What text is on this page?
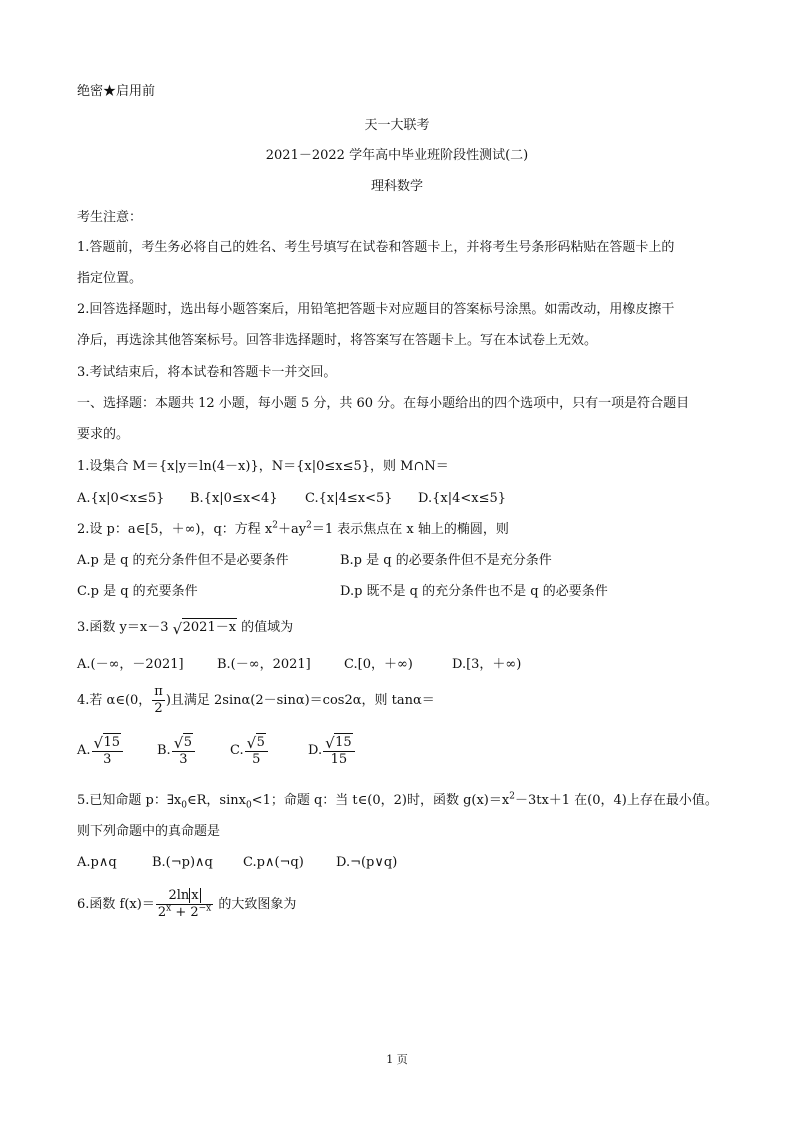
绝密★启用前
天一大联考
2021－2022 学年高中毕业班阶段性测试(二)
理科数学
考生注意：
1.答题前，考生务必将自己的姓名、考生号填写在试卷和答题卡上，并将考生号条形码粘贴在答题卡上的
指定位置。
2.回答选择题时，选出每小题答案后，用铅笔把答题卡对应题目的答案标号涂黑。如需改动，用橡皮擦干
净后，再选涂其他答案标号。回答非选择题时，将答案写在答题卡上。写在本试卷上无效。
3.考试结束后，将本试卷和答题卡一并交回。
一、选择题：本题共 12 小题，每小题 5 分，共 60 分。在每小题给出的四个选项中，只有一项是符合题目
要求的。
1.设集合 M＝{x|y＝ln(4－x)}，N＝{x|0≤x≤5}，则 M∩N＝
A.{x|0<x≤5} B.{x|0≤x<4} C.{x|4≤x<5} D.{x|4<x≤5}
2.设 p：a∈[5，＋∞)，q：方程 $x^2+ay^2=1$ 表示焦点在 x 轴上的椭圆，则
A.p 是 q 的充分条件但不是必要条件	B.p 是 q 的必要条件但不是充分条件
C.p 是 q 的充要条件	D.p 既不是 q 的充分条件也不是 q 的必要条件
3.函数 y＝x－3 √ 2021－x 的值域为
A.(－∞，－2021]	B.(－∞，2021]	C.[0，＋∞)	D.[3，＋∞)
4.若 α∈(0， $\frac{\pi}{2}$ )且满足 2sinα(2－sinα)＝cos2α，则 tanα＝
A. $\frac{√ 15}{3}$	B. $\frac{√ 5}{3}$	C. $\frac{√ 5}{5}$	D. $\frac{√ 15}{15}$
5.已知命题 p：$\exists x_0\in R$，sinx$_0$<1；命题 q：当 t∈(0，2)时，函数 $g(x)=x^2-3tx+1$ 在(0，4)上存在最小值。
则下列命题中的真命题是
A.p∧q	B.(¬p)∧q C.p∧(¬q) D.¬(p∨q)
6.函数 $f(x)= \frac{\text{2ln x}}{2^x + 2^{-x}}$ 的大致图象为
1 页
